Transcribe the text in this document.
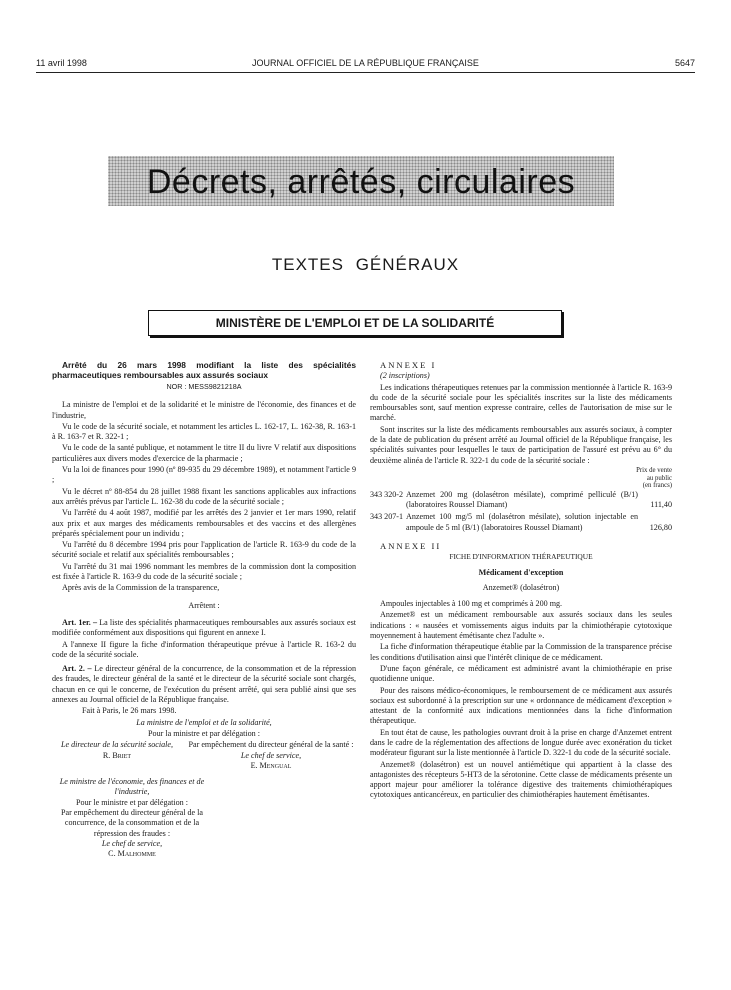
11 avril 1998	JOURNAL OFFICIEL DE LA RÉPUBLIQUE FRANÇAISE	5647
Décrets, arrêtés, circulaires
TEXTES GÉNÉRAUX
MINISTÈRE DE L'EMPLOI ET DE LA SOLIDARITÉ

Arrêté du 26 mars 1998 modifiant la liste des spécialités pharmaceutiques remboursables aux assurés sociaux

NOR : MESS9821218A

La ministre de l'emploi et de la solidarité et le ministre de l'économie, des finances et de l'industrie,

Vu le code de la sécurité sociale, et notamment les articles L. 162-17, L. 162-38, R. 163-1 à R. 163-7 et R. 322-1 ;

Vu le code de la santé publique, et notamment le titre II du livre V relatif aux dispositions particulières aux divers modes d'exercice de la pharmacie ;

Vu la loi de finances pour 1990 (nº 89-935 du 29 décembre 1989), et notamment l'article 9 ;

Vu le décret nº 88-854 du 28 juillet 1988 fixant les sanctions applicables aux infractions aux arrêtés prévus par l'article L. 162-38 du code de la sécurité sociale ;

Vu l'arrêté du 4 août 1987, modifié par les arrêtés des 2 janvier et 1er mars 1990, relatif aux prix et aux marges des médicaments remboursables et des vaccins et des allergènes préparés spécialement pour un individu ;

Vu l'arrêté du 8 décembre 1994 pris pour l'application de l'article R. 163-9 du code de la sécurité sociale et relatif aux spécialités remboursables ;

Vu l'arrêté du 31 mai 1996 nommant les membres de la commission dont la composition est fixée à l'article R. 163-9 du code de la sécurité sociale ;

Après avis de la Commission de la transparence,

Arrêtent :

Art. 1er. – La liste des spécialités pharmaceutiques remboursables aux assurés sociaux est modifiée conformément aux dispositions qui figurent en annexe I.

A l'annexe II figure la fiche d'information thérapeutique prévue à l'article R. 163-2 du code de la sécurité sociale.

Art. 2. – Le directeur général de la concurrence, de la consommation et de la répression des fraudes, le directeur général de la santé et le directeur de la sécurité sociale sont chargés, chacun en ce qui le concerne, de l'exécution du présent arrêté, qui sera publié ainsi que ses annexes au Journal officiel de la République française.

Fait à Paris, le 26 mars 1998.

La ministre de l'emploi et de la solidarité,

Pour la ministre et par délégation :

Le directeur de la sécurité sociale,
R. Briet
Par empêchement du directeur général de la santé :
Le chef de service,
E. Mengual
Le ministre de l'économie, des finances et de l'industrie,
Pour le ministre et par délégation :
Par empêchement du directeur général de la concurrence, de la consommation et de la répression des fraudes :
Le chef de service,
C. Malhomme

ANNEXE I

(2 inscriptions)

Les indications thérapeutiques retenues par la commission mentionnée à l'article R. 163-9 du code de la sécurité sociale pour les spécialités inscrites sur la liste des médicaments remboursables sont, sauf mention expresse contraire, celles de l'autorisation de mise sur le marché.

Sont inscrites sur la liste des médicaments remboursables aux assurés sociaux, à compter de la date de publication du présent arrêté au Journal officiel de la République française, les spécialités suivantes pour lesquelles le taux de participation de l'assuré est prévu au 6° du deuxième alinéa de l'article R. 322-1 du code de la sécurité sociale :

Prix de vente
au public
(en francs)
343 320-2 Anzemet 200 mg (dolasétron mésilate), comprimé pelliculé (B/1) (laboratoires Roussel Diamant)	111,40
343 207-1 Anzemet 100 mg/5 ml (dolasétron mésilate), solution injectable en ampoule de 5 ml (B/1) (laboratoires Roussel Diamant)	126,80

ANNEXE II

FICHE D'INFORMATION THÉRAPEUTIQUE

Médicament d'exception

Anzemet® (dolasétron)

Ampoules injectables à 100 mg et comprimés à 200 mg.

Anzemet® est un médicament remboursable aux assurés sociaux dans les seules indications : « nausées et vomissements aigus induits par la chimiothérapie cytotoxique moyennement à hautement émétisante chez l'adulte ».

La fiche d'information thérapeutique établie par la Commission de la transparence précise les conditions d'utilisation ainsi que l'intérêt clinique de ce médicament.

D'une façon générale, ce médicament est administré avant la chimiothérapie en prise quotidienne unique.

Pour des raisons médico-économiques, le remboursement de ce médicament aux assurés sociaux est subordonné à la prescription sur une « ordonnance de médicament d'exception » attestant de la conformité aux indications mentionnées dans la fiche d'information thérapeutique.

En tout état de cause, les pathologies ouvrant droit à la prise en charge d'Anzemet entrent dans le cadre de la réglementation des affections de longue durée avec exonération du ticket modérateur figurant sur la liste mentionnée à l'article D. 322-1 du code de la sécurité sociale.

Anzemet® (dolasétron) est un nouvel antiémétique qui appartient à la classe des antagonistes des récepteurs 5-HT3 de la sérotonine. Cette classe de médicaments présente un apport majeur pour améliorer la tolérance digestive des traitements chimiothérapiques cytotoxiques anticancéreux, en particulier des chimiothérapies hautement émétisantes.
